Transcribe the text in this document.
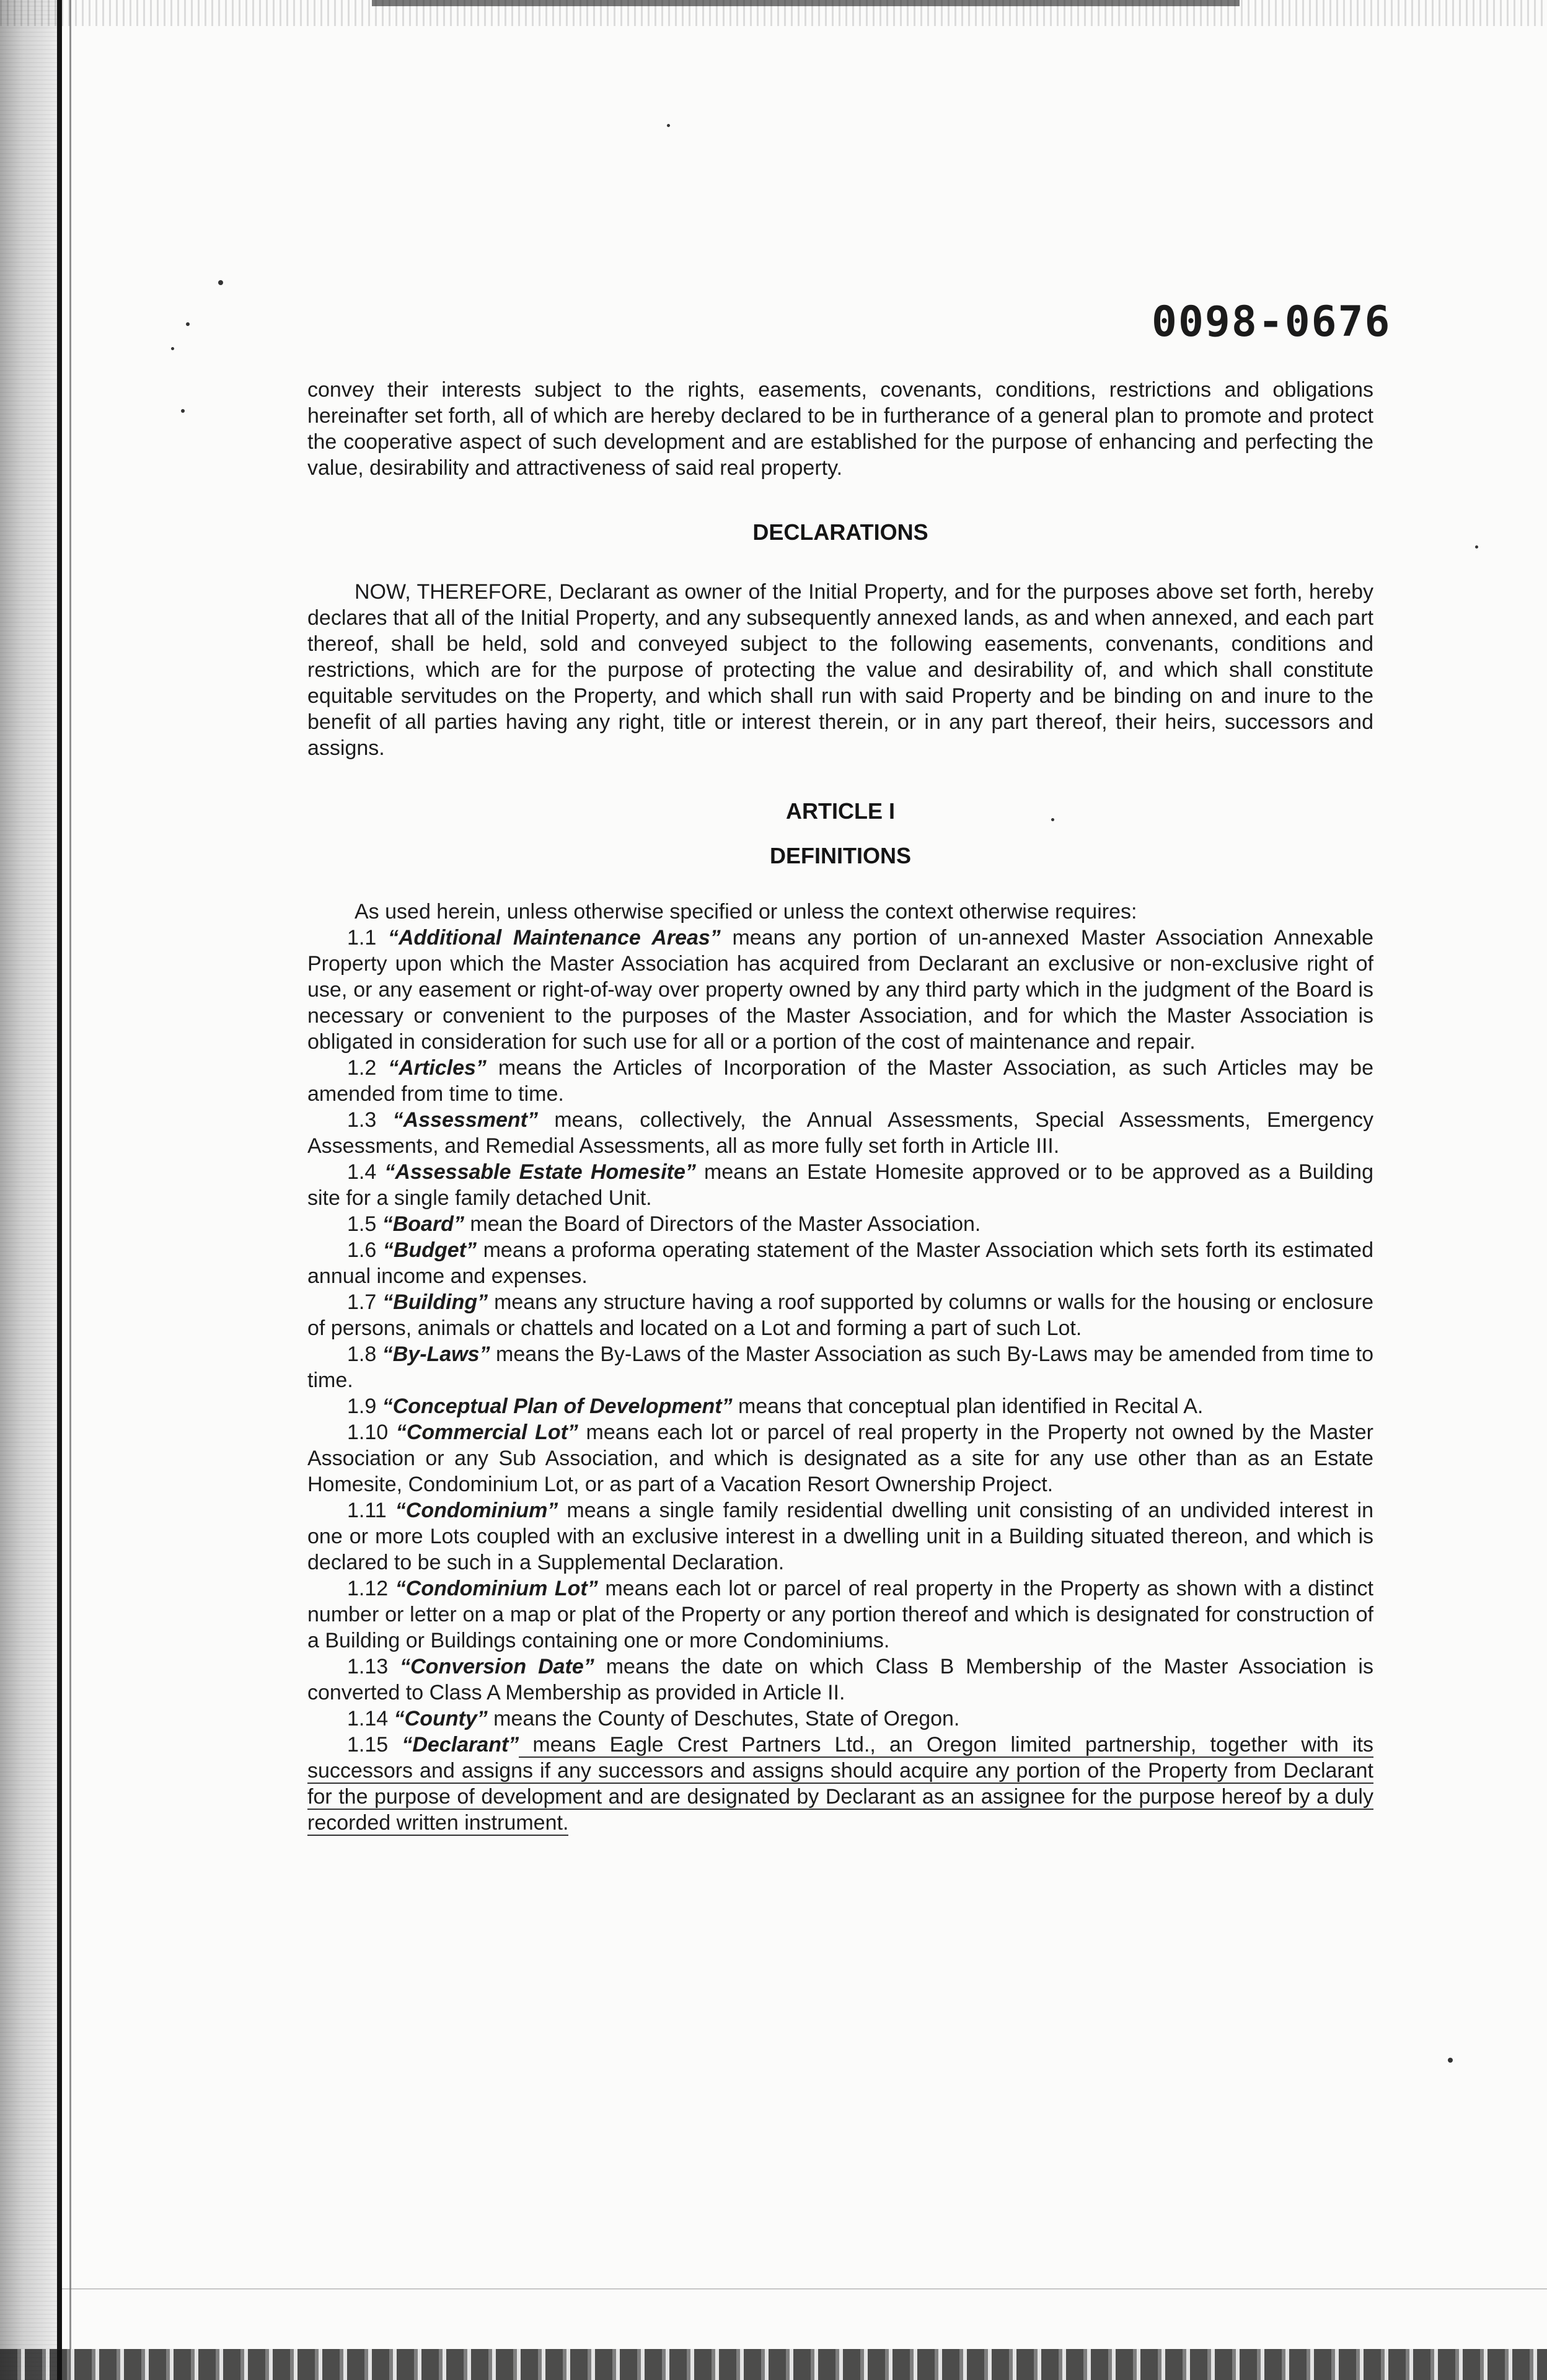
0098-0676

convey their interests subject to the rights, easements, covenants, conditions, restrictions and obligations hereinafter set forth, all of which are hereby declared to be in furtherance of a general plan to promote and protect the cooperative aspect of such development and are established for the purpose of enhancing and perfecting the value, desirability and attractiveness of said real property.

DECLARATIONS

NOW, THEREFORE, Declarant as owner of the Initial Property, and for the purposes above set forth, hereby declares that all of the Initial Property, and any subsequently annexed lands, as and when annexed, and each part thereof, shall be held, sold and conveyed subject to the following easements, convenants, conditions and restrictions, which are for the purpose of protecting the value and desirability of, and which shall constitute equitable servitudes on the Property, and which shall run with said Property and be binding on and inure to the benefit of all parties having any right, title or interest therein, or in any part thereof, their heirs, successors and assigns.

ARTICLE I

DEFINITIONS

As used herein, unless otherwise specified or unless the context otherwise requires:

1.1 “Additional Maintenance Areas” means any portion of un-annexed Master Association Annexable Property upon which the Master Association has acquired from Declarant an exclusive or non-exclusive right of use, or any easement or right-of-way over property owned by any third party which in the judgment of the Board is necessary or convenient to the purposes of the Master Association, and for which the Master Association is obligated in consideration for such use for all or a portion of the cost of maintenance and repair.

1.2 “Articles” means the Articles of Incorporation of the Master Association, as such Articles may be amended from time to time.

1.3 “Assessment” means, collectively, the Annual Assessments, Special Assessments, Emergency Assessments, and Remedial Assessments, all as more fully set forth in Article III.

1.4 “Assessable Estate Homesite” means an Estate Homesite approved or to be approved as a Building site for a single family detached Unit.

1.5 “Board” mean the Board of Directors of the Master Association.

1.6 “Budget” means a proforma operating statement of the Master Association which sets forth its estimated annual income and expenses.

1.7 “Building” means any structure having a roof supported by columns or walls for the housing or enclosure of persons, animals or chattels and located on a Lot and forming a part of such Lot.

1.8 “By-Laws” means the By-Laws of the Master Association as such By-Laws may be amended from time to time.

1.9 “Conceptual Plan of Development” means that conceptual plan identified in Recital A.

1.10 “Commercial Lot” means each lot or parcel of real property in the Property not owned by the Master Association or any Sub Association, and which is designated as a site for any use other than as an Estate Homesite, Condominium Lot, or as part of a Vacation Resort Ownership Project.

1.11 “Condominium” means a single family residential dwelling unit consisting of an undivided interest in one or more Lots coupled with an exclusive interest in a dwelling unit in a Building situated thereon, and which is declared to be such in a Supplemental Declaration.

1.12 “Condominium Lot” means each lot or parcel of real property in the Property as shown with a distinct number or letter on a map or plat of the Property or any portion thereof and which is designated for construction of a Building or Buildings containing one or more Condominiums.

1.13 “Conversion Date” means the date on which Class B Membership of the Master Association is converted to Class A Membership as provided in Article II.

1.14 “County” means the County of Deschutes, State of Oregon.

1.15 “Declarant” means Eagle Crest Partners Ltd., an Oregon limited partnership, together with its successors and assigns if any successors and assigns should acquire any portion of the Property from Declarant for the purpose of development and are designated by Declarant as an assignee for the purpose hereof by a duly recorded written instrument.
